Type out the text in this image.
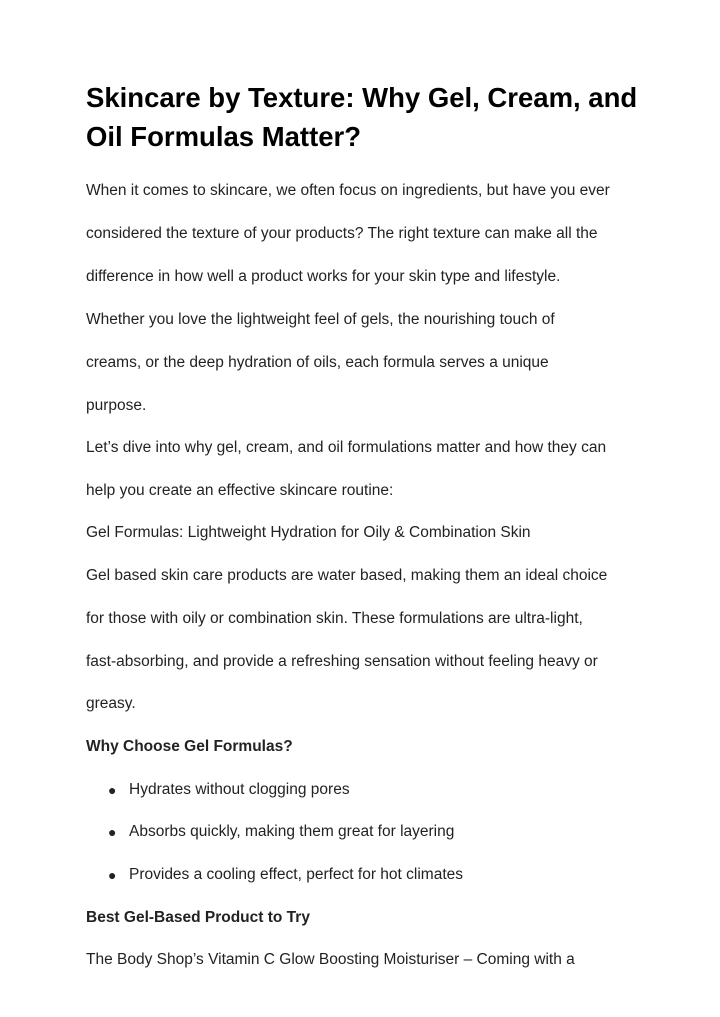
Skincare by Texture: Why Gel, Cream, and Oil Formulas Matter?
When it comes to skincare, we often focus on ingredients, but have you ever
considered the texture of your products? The right texture can make all the
difference in how well a product works for your skin type and lifestyle.
Whether you love the lightweight feel of gels, the nourishing touch of
creams, or the deep hydration of oils, each formula serves a unique
purpose.
Let’s dive into why gel, cream, and oil formulations matter and how they can
help you create an effective skincare routine:
Gel Formulas: Lightweight Hydration for Oily & Combination Skin
Gel based skin care products are water based, making them an ideal choice
for those with oily or combination skin. These formulations are ultra-light,
fast-absorbing, and provide a refreshing sensation without feeling heavy or
greasy.
Why Choose Gel Formulas?
● Hydrates without clogging pores
● Absorbs quickly, making them great for layering
● Provides a cooling effect, perfect for hot climates
Best Gel-Based Product to Try
The Body Shop’s Vitamin C Glow Boosting Moisturiser – Coming with a
